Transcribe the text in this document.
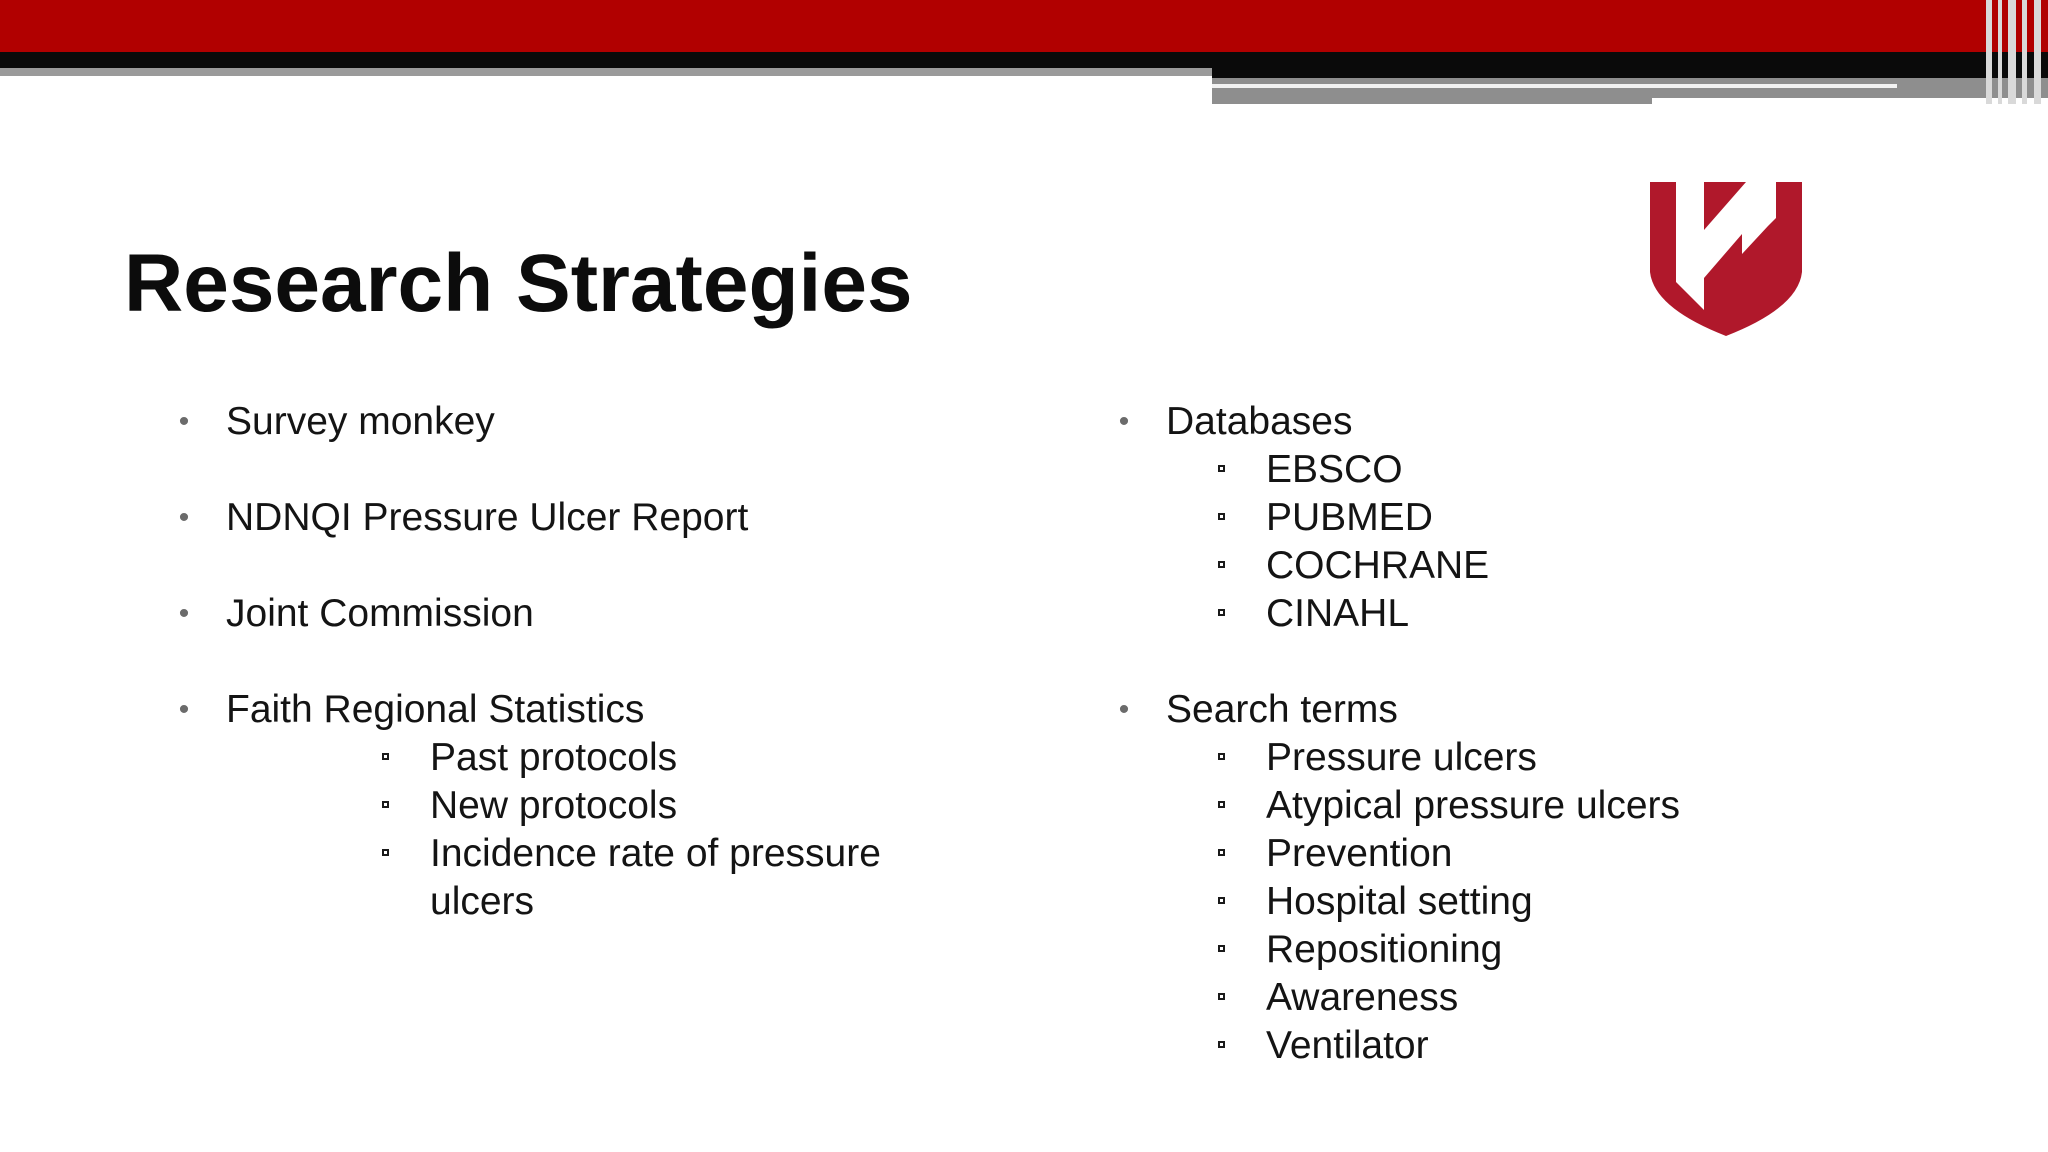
Research Strategies
• Survey monkey
• NDNQI Pressure Ulcer Report
• Joint Commission
• Faith Regional Statistics
Past protocols
New protocols
Incidence rate of pressure ulcers
• Databases
EBSCO
PUBMED
COCHRANE
CINAHL
• Search terms
Pressure ulcers
Atypical pressure ulcers
Prevention
Hospital setting
Repositioning
Awareness
Ventilator
